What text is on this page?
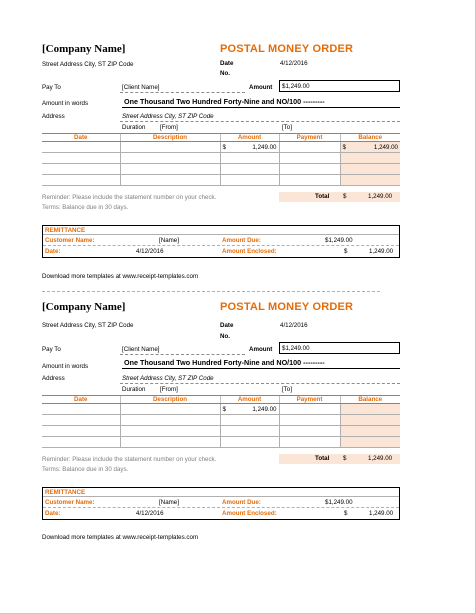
[Company Name]	POSTAL MONEY ORDER
Street Address City, ST ZIP Code	Date	4/12/2016
No.
Pay To	[Client Name]	Amount $1,249.00
Amount in words	One Thousand Two Hundred Forty-Nine and NO/100 ---------
Address	Street Address City, ST ZIP Code
Duration [From]	[To]
Date	Description	Amount	Payment	Balance

		$ 1,249.00		$ 1,249.00

Reminder: Please include the statement number on your check.
Terms: Balance due in 30 days.
Total $	1,249.00
REMITTANCE
Customer Name:	[Name]	Amount Due:	$1,249.00
Date:	4/12/2016	Amount Enclosed:	$	1,249.00
Download more templates at www.receipt-templates.com
[Company Name]	POSTAL MONEY ORDER
Street Address City, ST ZIP Code	Date	4/12/2016
No.
Pay To	[Client Name]	Amount $1,249.00
Amount in words	One Thousand Two Hundred Forty-Nine and NO/100 ---------
Address	Street Address City, ST ZIP Code
Duration [From]	[To]
Date	Description	Amount	Payment	Balance

		$ 1,249.00		

Reminder: Please include the statement number on your check.
Terms: Balance due in 30 days.
Total $	1,249.00
REMITTANCE
Customer Name:	[Name]	Amount Due:	$1,249.00
Date:	4/12/2016	Amount Enclosed:	$	1,249.00
Download more templates at www.receipt-templates.com
